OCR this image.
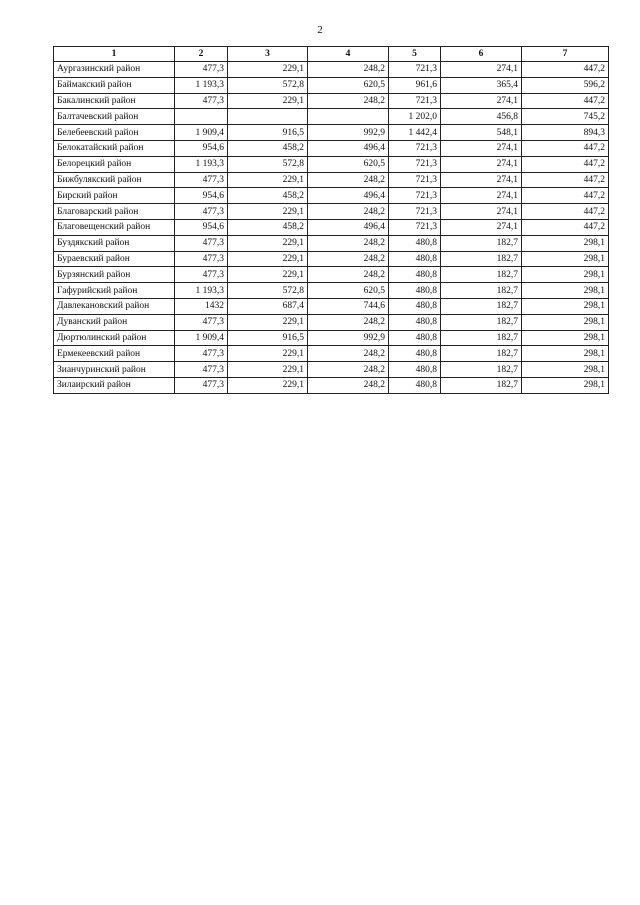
2
1	2	3	4	5	6	7
Аургазинский район	477,3	229,1	248,2	721,3	274,1	447,2
Баймакский район	1 193,3	572,8	620,5	961,6	365,4	596,2
Бакалинский район	477,3	229,1	248,2	721,3	274,1	447,2
Балтачевский район				1 202,0	456,8	745,2
Белебеевский район	1 909,4	916,5	992,9	1 442,4	548,1	894,3
Белокатайский район	954,6	458,2	496,4	721,3	274,1	447,2
Белорецкий район	1 193,3	572,8	620,5	721,3	274,1	447,2
Бижбулякский район	477,3	229,1	248,2	721,3	274,1	447,2
Бирский район	954,6	458,2	496,4	721,3	274,1	447,2
Благоварский район	477,3	229,1	248,2	721,3	274,1	447,2
Благовещенский район	954,6	458,2	496,4	721,3	274,1	447,2
Буздякский район	477,3	229,1	248,2	480,8	182,7	298,1
Бураевский район	477,3	229,1	248,2	480,8	182,7	298,1
Бурзянский район	477,3	229,1	248,2	480,8	182,7	298,1
Гафурийский район	1 193,3	572,8	620,5	480,8	182,7	298,1
Давлекановский район	1432	687,4	744,6	480,8	182,7	298,1
Дуванский район	477,3	229,1	248,2	480,8	182,7	298,1
Дюртюлинский район	1 909,4	916,5	992,9	480,8	182,7	298,1
Ермекеевский район	477,3	229,1	248,2	480,8	182,7	298,1
Зианчуринский район	477,3	229,1	248,2	480,8	182,7	298,1
Зилаирский район	477,3	229,1	248,2	480,8	182,7	298,1
